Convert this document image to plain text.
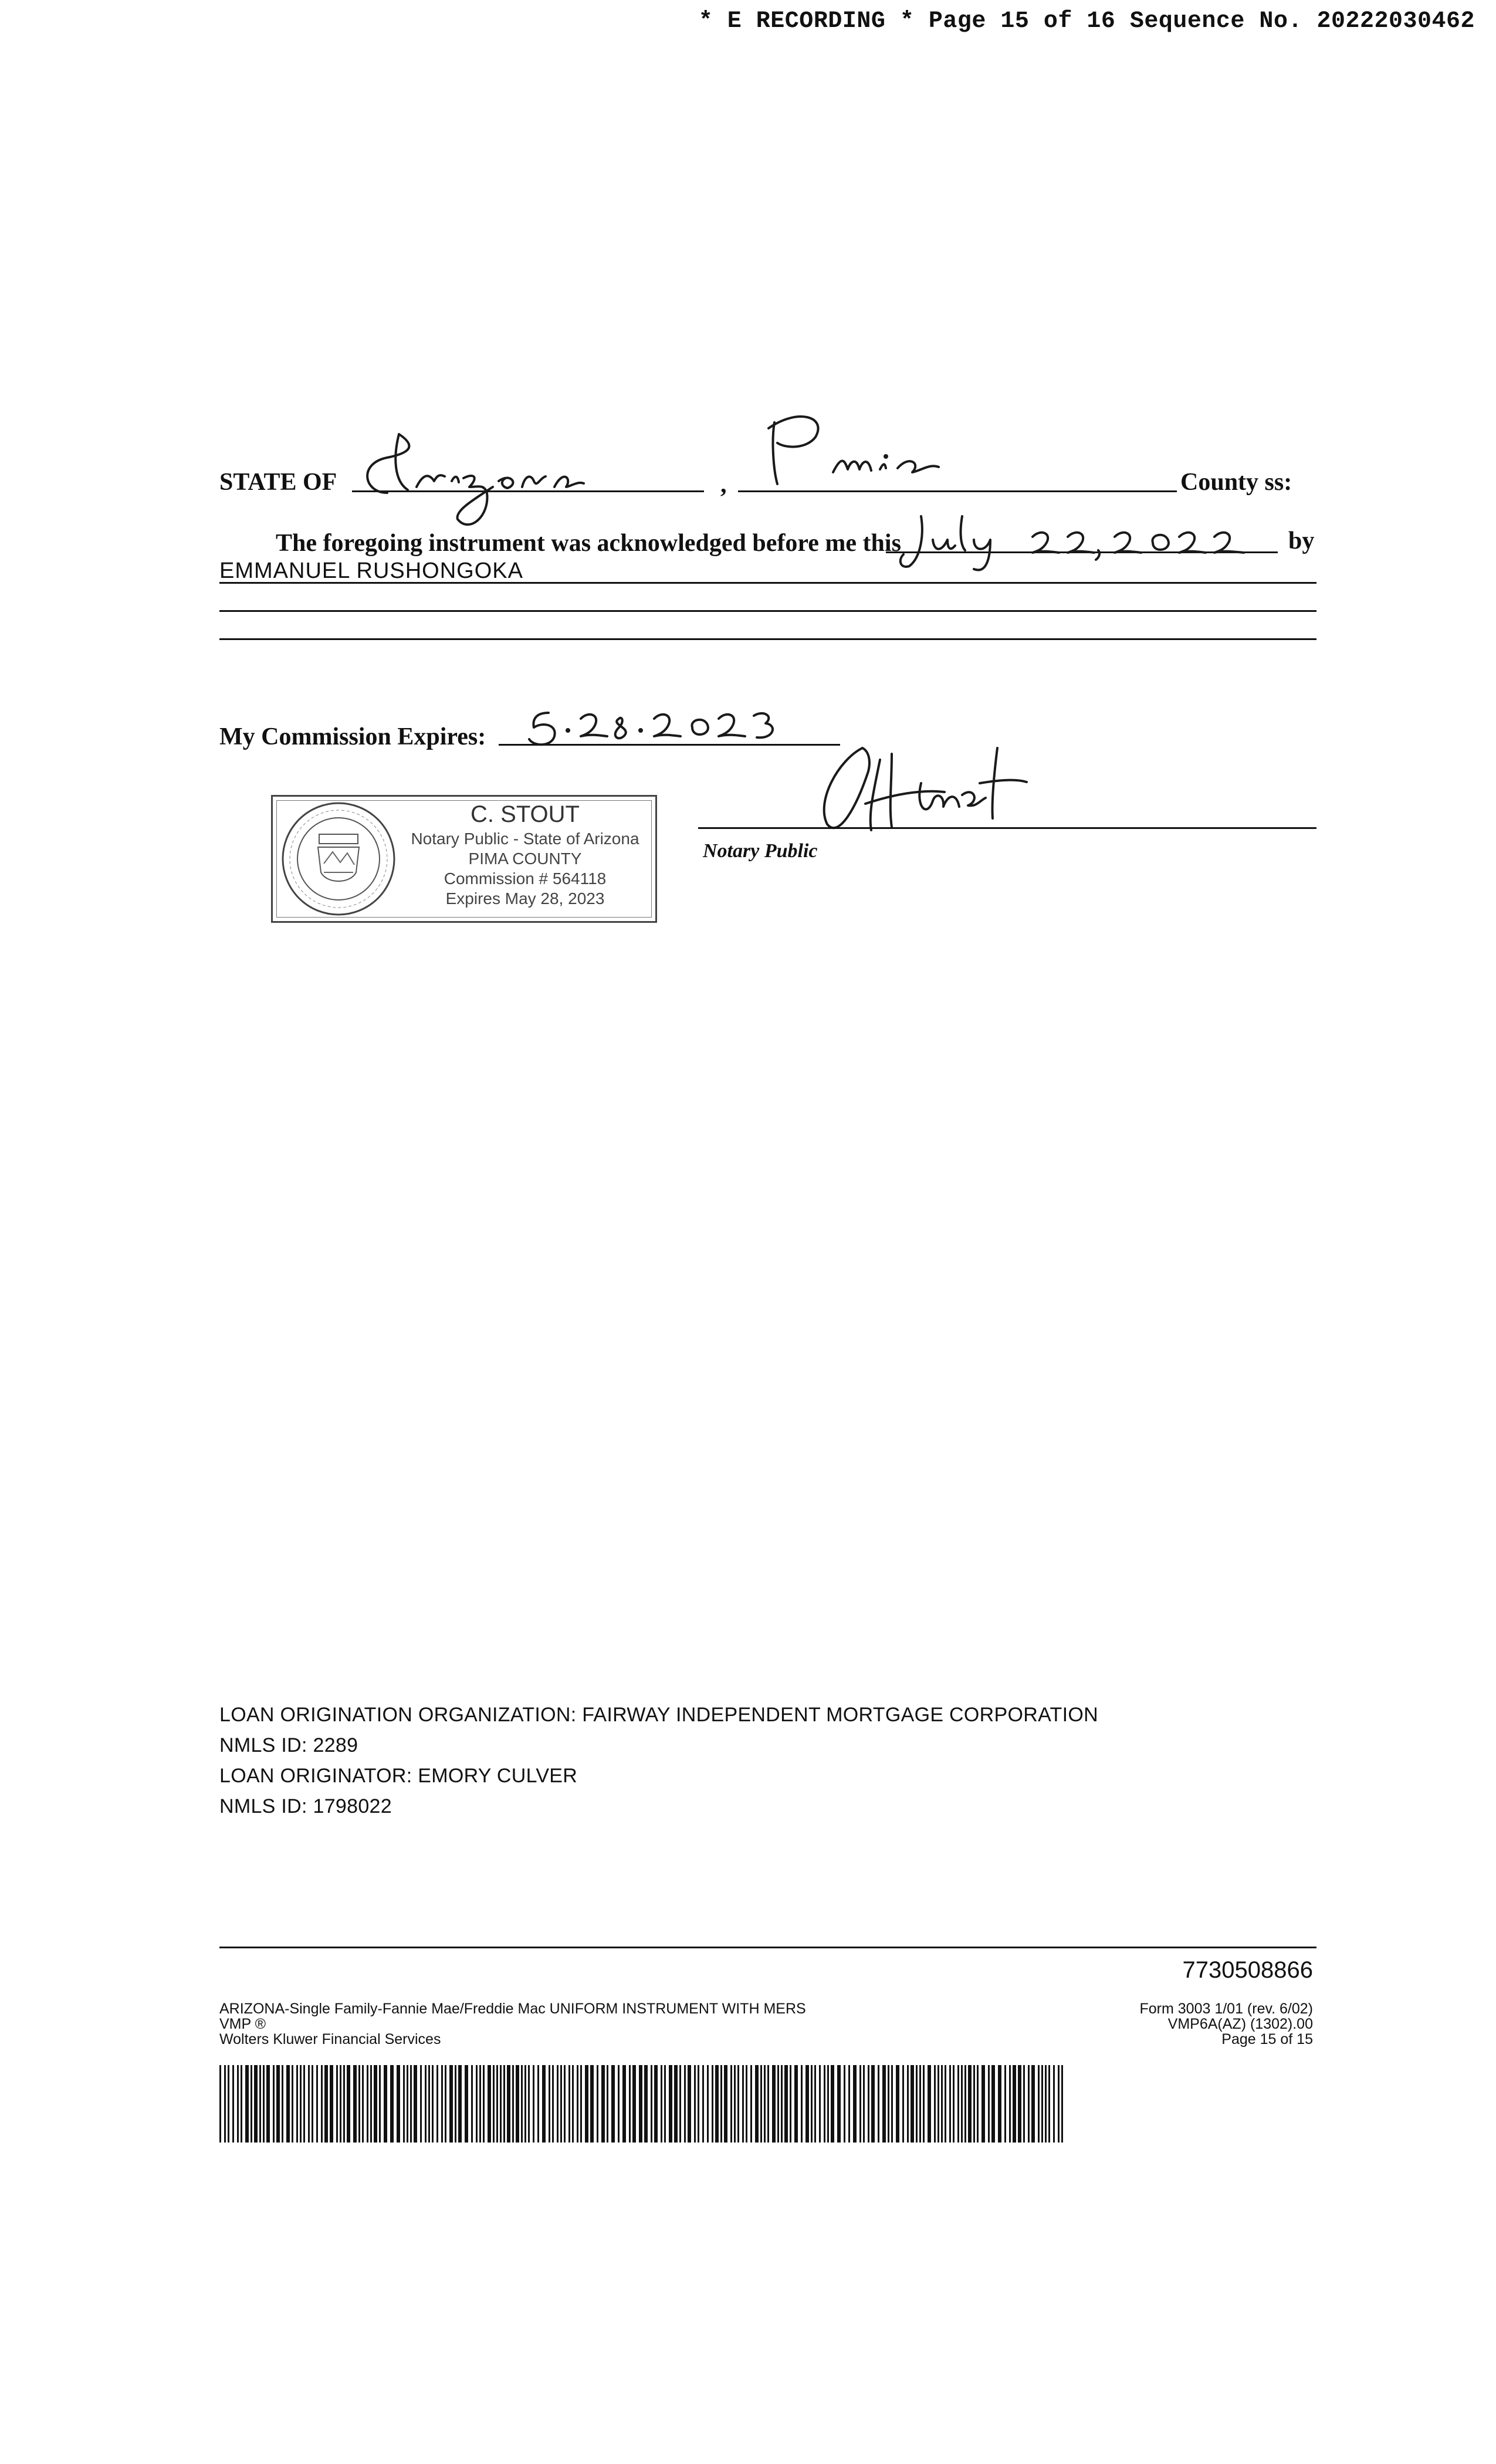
* E RECORDING * Page 15 of 16 Sequence No. 20222030462
STATE OF	,	County ss:
The foregoing instrument was acknowledged before me this	by
EMMANUEL RUSHONGOKA
My Commission Expires:
C. STOUT
Notary Public - State of Arizona
PIMA COUNTY
Commission # 564118
Expires May 28, 2023
Notary Public
LOAN ORIGINATION ORGANIZATION: FAIRWAY INDEPENDENT MORTGAGE CORPORATION
NMLS ID: 2289
LOAN ORIGINATOR: EMORY CULVER
NMLS ID: 1798022
7730508866
ARIZONA-Single Family-Fannie Mae/Freddie Mac UNIFORM INSTRUMENT WITH MERS
VMP ®
Wolters Kluwer Financial Services
Form 3003 1/01 (rev. 6/02)
VMP6A(AZ) (1302).00
Page 15 of 15
